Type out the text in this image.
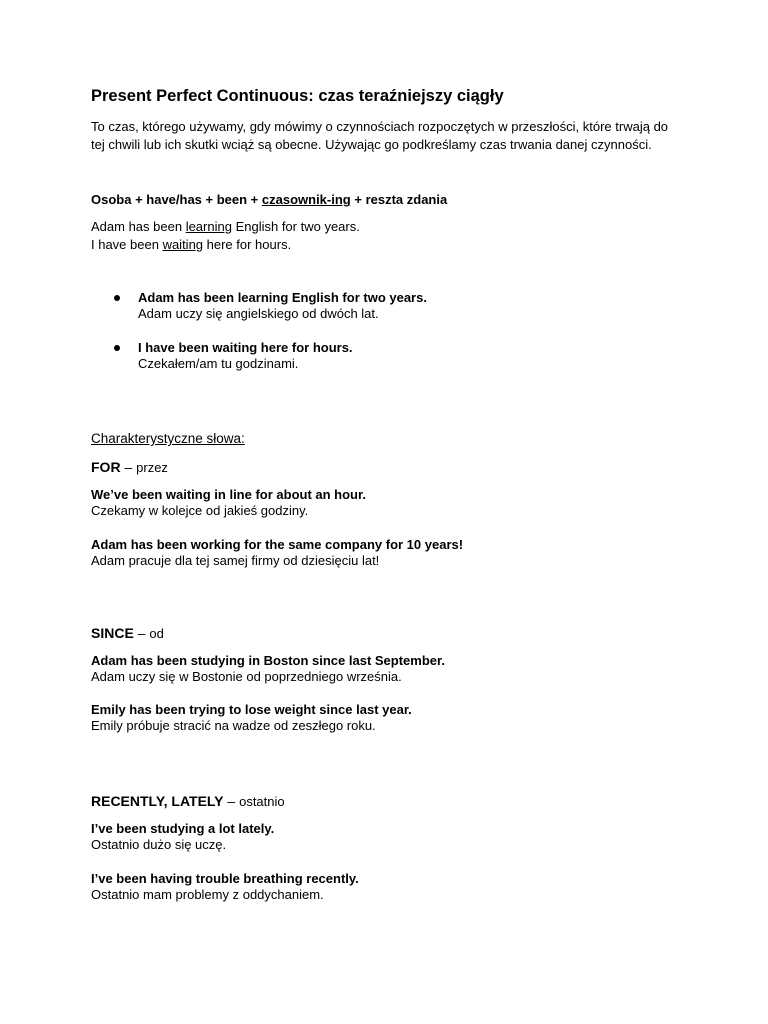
Present Perfect Continuous: czas teraźniejszy ciągły
To czas, którego używamy, gdy mówimy o czynnościach rozpoczętych w przeszłości, które trwają do
tej chwili lub ich skutki wciąż są obecne. Używając go podkreślamy czas trwania danej czynności.
Osoba + have/has + been + czasownik-ing + reszta zdania
Adam has been learning English for two years.
I have been waiting here for hours.
Adam has been learning English for two years.
Adam uczy się angielskiego od dwóch lat.
I have been waiting here for hours.
Czekałem/am tu godzinami.
Charakterystyczne słowa:
FOR – przez
We’ve been waiting in line for about an hour.
Czekamy w kolejce od jakieś godziny.
Adam has been working for the same company for 10 years!
Adam pracuje dla tej samej firmy od dziesięciu lat!
SINCE – od
Adam has been studying in Boston since last September.
Adam uczy się w Bostonie od poprzedniego września.
Emily has been trying to lose weight since last year.
Emily próbuje stracić na wadze od zeszłego roku.
RECENTLY, LATELY – ostatnio
I’ve been studying a lot lately.
Ostatnio dużo się uczę.
I’ve been having trouble breathing recently.
Ostatnio mam problemy z oddychaniem.
